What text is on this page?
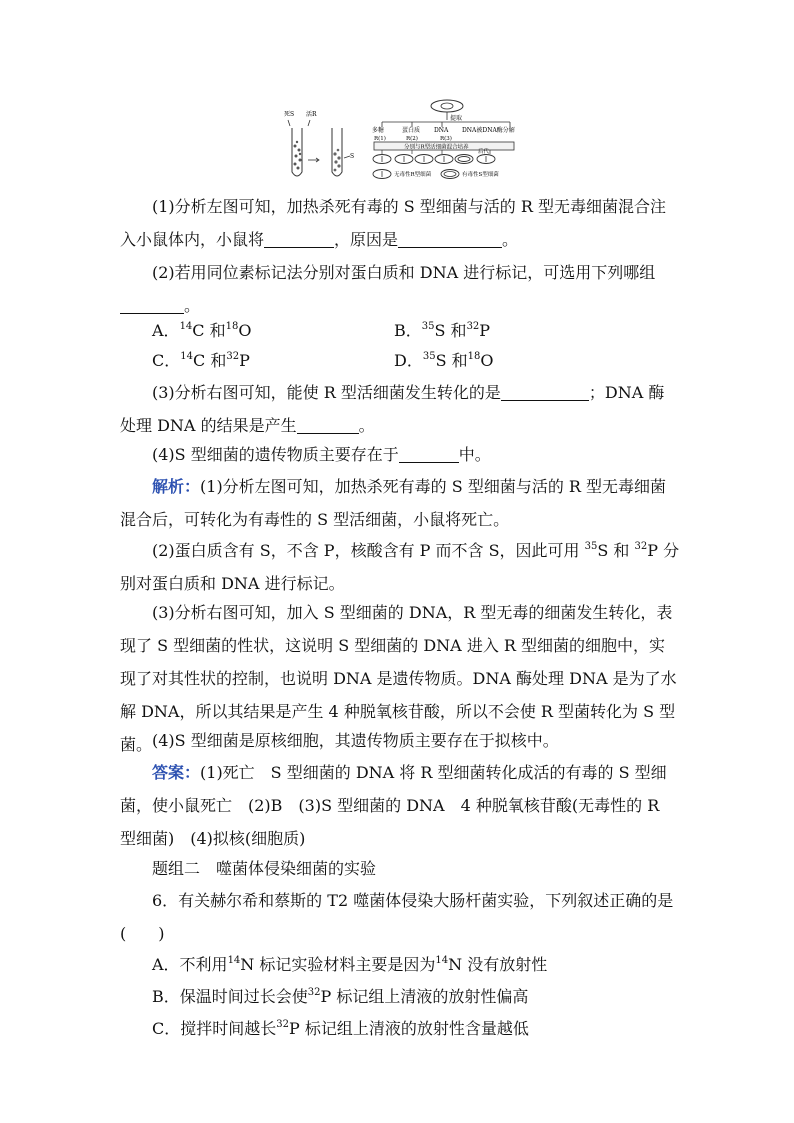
死S 活R
S
提取
多糖	蛋白质 DNA DNA被DNA酶分解
R(1)	R(2)	R(3)
分别与R型活细菌混合培养
后代
无毒性R型细菌	有毒性S型细菌
(1)分析左图可知，加热杀死有毒的 S 型细菌与活的 R 型无毒细菌混合注入小鼠体内，小鼠将	，原因是	。
(2)若用同位素标记法分别对蛋白质和 DNA 进行标记，可选用下列哪组。
A．$^{14}$C 和$^{18}$O	B．$^{35}$S 和$^{32}$P
C．$^{14}$C 和$^{32}$P	D．$^{35}$S 和$^{18}$O
(3)分析右图可知，能使 R 型活细菌发生转化的是	；DNA 酶处理 DNA 的结果是产生	。
(4)S 型细菌的遗传物质主要存在于	中。
解析：(1)分析左图可知，加热杀死有毒的 S 型细菌与活的 R 型无毒细菌混合后，可转化为有毒性的 S 型活细菌，小鼠将死亡。
(2)蛋白质含有 S，不含 P，核酸含有 P 而不含 S，因此可用 $^{35}$S 和 $^{32}$P 分别对蛋白质和 DNA 进行标记。
(3)分析右图可知，加入 S 型细菌的 DNA，R 型无毒的细菌发生转化，表现了 S 型细菌的性状，这说明 S 型细菌的 DNA 进入 R 型细菌的细胞中，实现了对其性状的控制，也说明 DNA 是遗传物质。DNA 酶处理 DNA 是为了水解 DNA，所以其结果是产生 4 种脱氧核苷酸，所以不会使 R 型菌转化为 S 型菌。 (4)S 型细菌是原核细胞，其遗传物质主要存在于拟核中。
答案：(1)死亡　S 型细菌的 DNA 将 R 型细菌转化成活的有毒的 S 型细菌，使小鼠死亡　(2)B　(3)S 型细菌的 DNA　4 种脱氧核苷酸(无毒性的 R 型细菌)　(4)拟核(细胞质)
题组二　噬菌体侵染细菌的实验
6．有关赫尔希和蔡斯的 T2 噬菌体侵染大肠杆菌实验，下列叙述正确的是(　　)
A．不利用$^{14}$N 标记实验材料主要是因为$^{14}$N 没有放射性
B．保温时间过长会使$^{32}$P 标记组上清液的放射性偏高
C．搅拌时间越长$^{32}$P 标记组上清液的放射性含量越低
